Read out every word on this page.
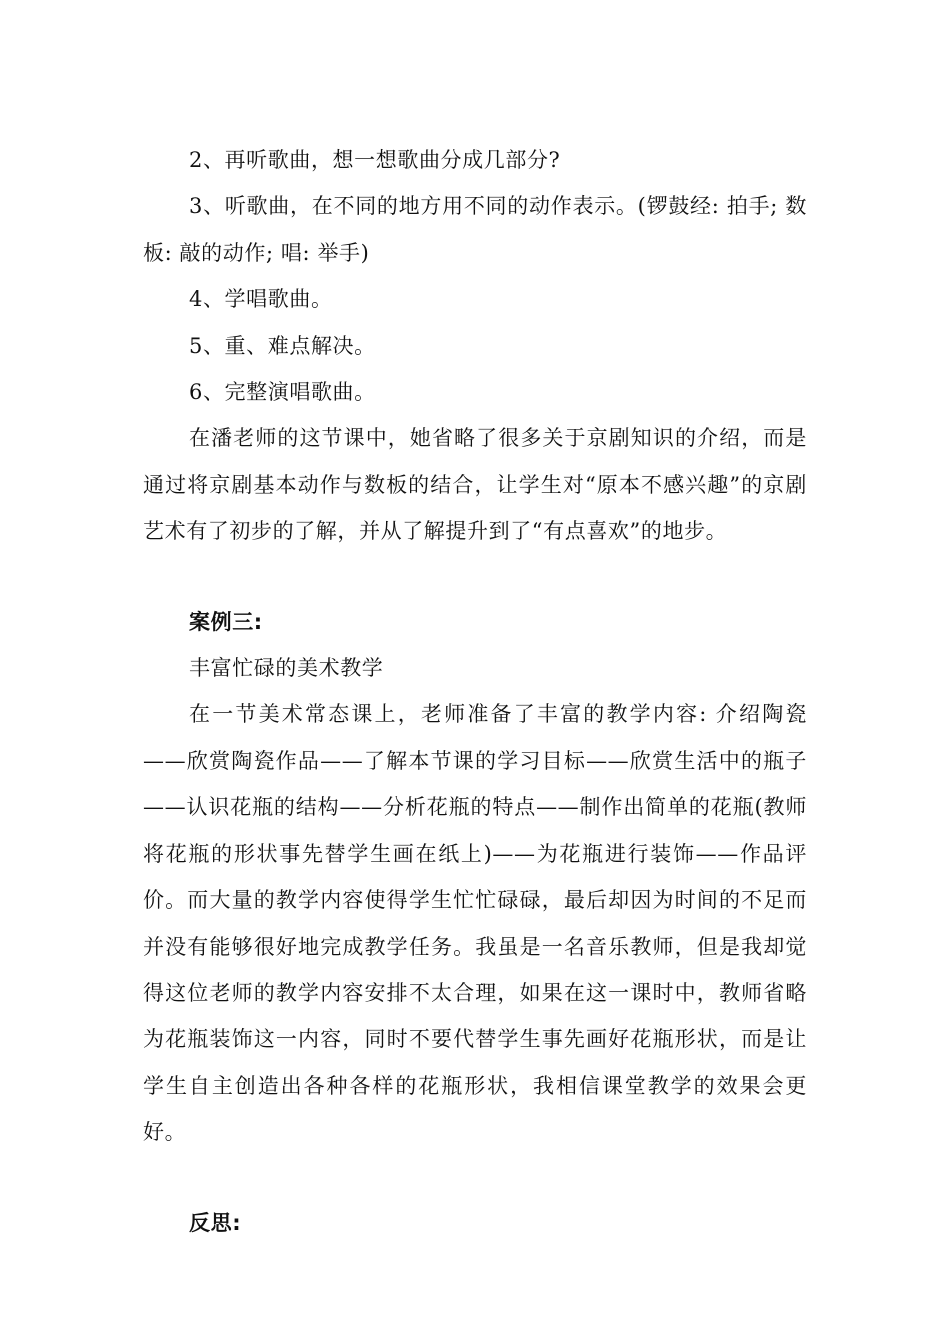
2、再听歌曲，想一想歌曲分成几部分?

3、听歌曲，在不同的地方用不同的动作表示。(锣鼓经: 拍手; 数板: 敲的动作; 唱: 举手)

4、学唱歌曲。

5、重、难点解决。

6、完整演唱歌曲。

在潘老师的这节课中，她省略了很多关于京剧知识的介绍，而是通过将京剧基本动作与数板的结合，让学生对“原本不感兴趣”的京剧艺术有了初步的了解，并从了解提升到了“有点喜欢”的地步。

案例三:

丰富忙碌的美术教学

在一节美术常态课上，老师准备了丰富的教学内容: 介绍陶瓷——欣赏陶瓷作品——了解本节课的学习目标——欣赏生活中的瓶子——认识花瓶的结构——分析花瓶的特点——制作出简单的花瓶(教师将花瓶的形状事先替学生画在纸上)——为花瓶进行装饰——作品评价。而大量的教学内容使得学生忙忙碌碌，最后却因为时间的不足而并没有能够很好地完成教学任务。我虽是一名音乐教师，但是我却觉得这位老师的教学内容安排不太合理，如果在这一课时中，教师省略为花瓶装饰这一内容，同时不要代替学生事先画好花瓶形状，而是让学生自主创造出各种各样的花瓶形状，我相信课堂教学的效果会更好。

反思:
